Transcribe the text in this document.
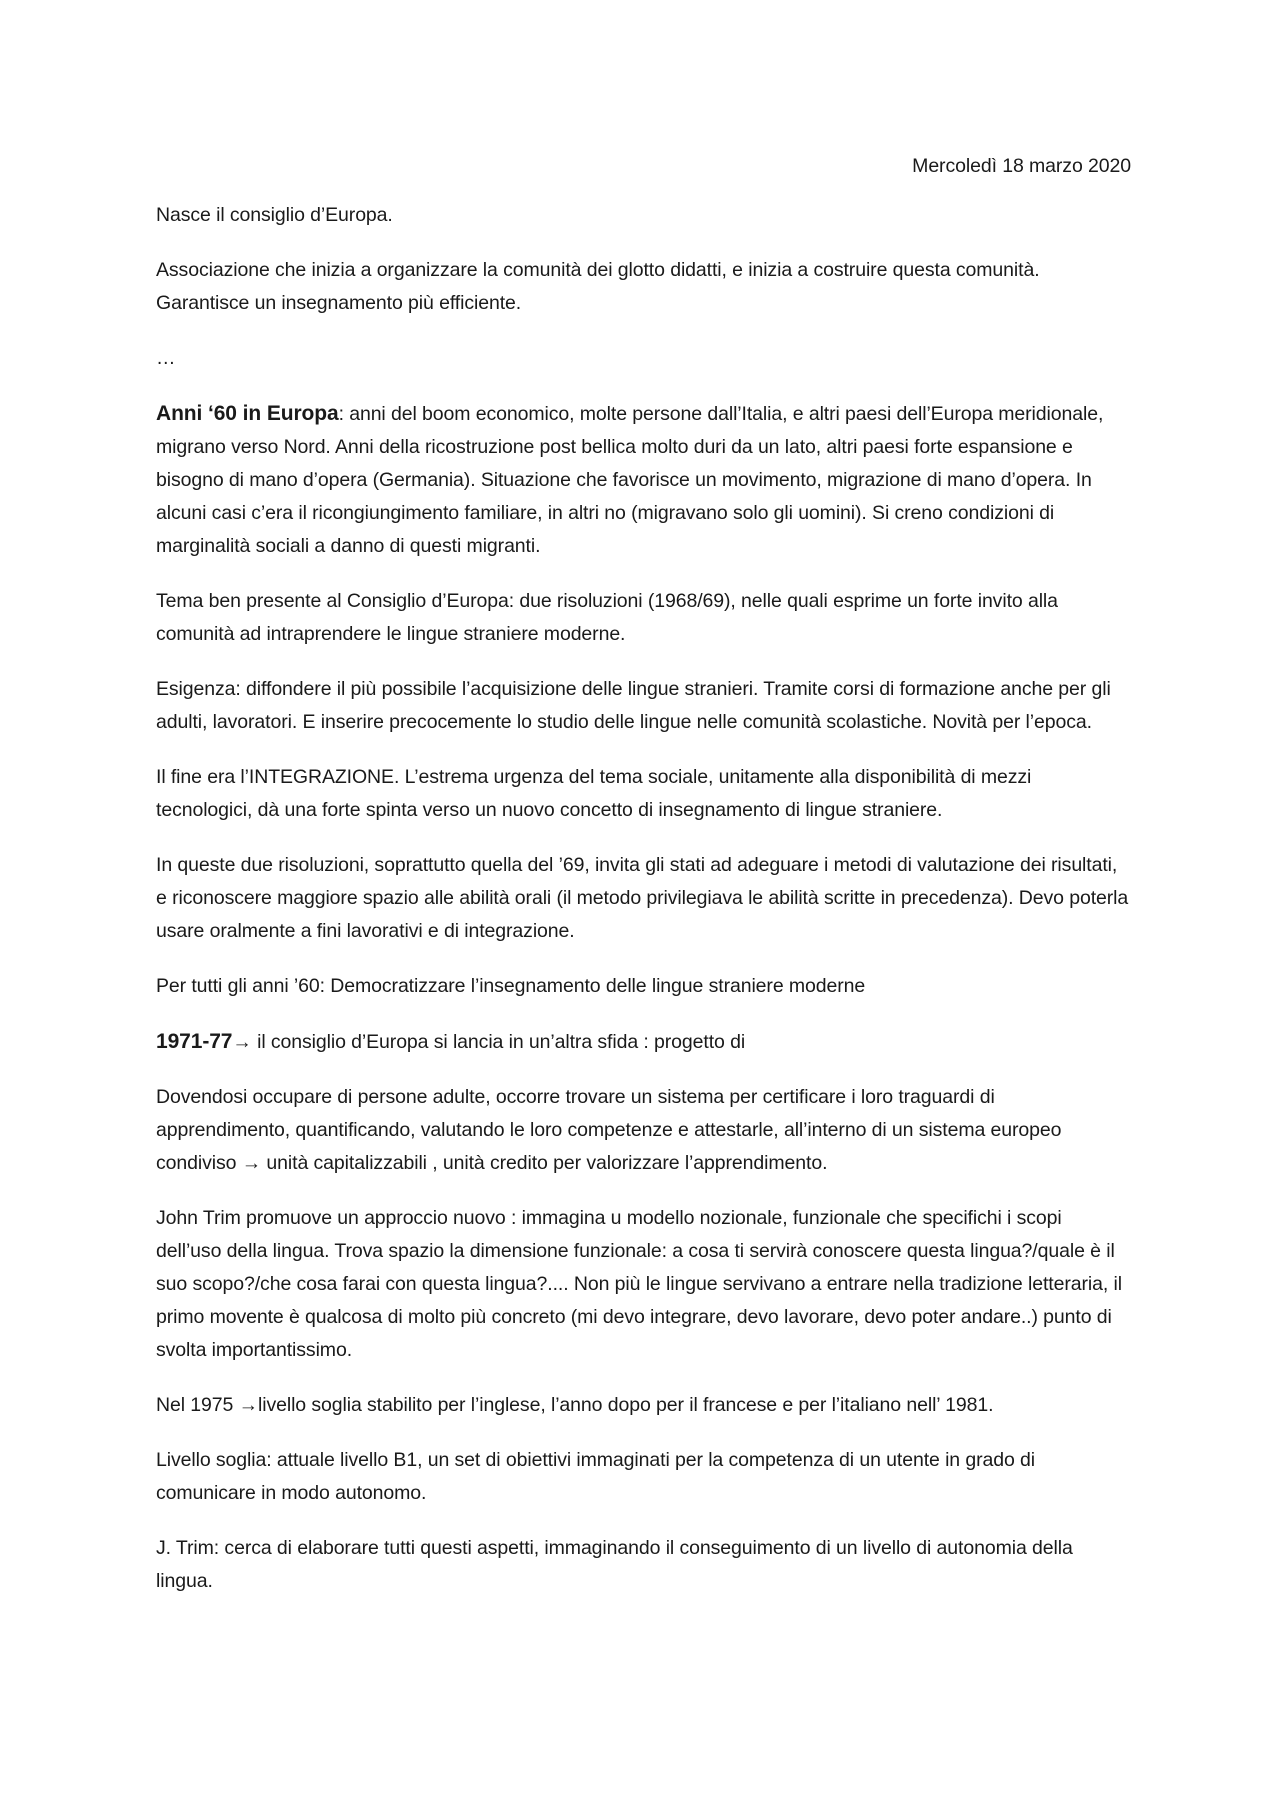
Mercoledì 18 marzo 2020

Nasce il consiglio d’Europa.

Associazione che inizia a organizzare la comunità dei glotto didatti, e inizia a costruire questa comunità. Garantisce un insegnamento più efficiente.

…

Anni ‘60 in Europa: anni del boom economico, molte persone dall’Italia, e altri paesi dell’Europa meridionale, migrano verso Nord. Anni della ricostruzione post bellica molto duri da un lato, altri paesi forte espansione e bisogno di mano d’opera (Germania). Situazione che favorisce un movimento, migrazione di mano d’opera. In alcuni casi c’era il ricongiungimento familiare, in altri no (migravano solo gli uomini). Si creno condizioni di marginalità sociali a danno di questi migranti.

Tema ben presente al Consiglio d’Europa: due risoluzioni (1968/69), nelle quali esprime un forte invito alla comunità ad intraprendere le lingue straniere moderne.

Esigenza: diffondere il più possibile l’acquisizione delle lingue stranieri. Tramite corsi di formazione anche per gli adulti, lavoratori. E inserire precocemente lo studio delle lingue nelle comunità scolastiche. Novità per l’epoca.

Il fine era l’INTEGRAZIONE. L’estrema urgenza del tema sociale, unitamente alla disponibilità di mezzi tecnologici, dà una forte spinta verso un nuovo concetto di insegnamento di lingue straniere.

In queste due risoluzioni, soprattutto quella del ’69, invita gli stati ad adeguare i metodi di valutazione dei risultati, e riconoscere maggiore spazio alle abilità orali (il metodo privilegiava le abilità scritte in precedenza). Devo poterla usare oralmente a fini lavorativi e di integrazione.

Per tutti gli anni ’60: Democratizzare l’insegnamento delle lingue straniere moderne

1971-77→ il consiglio d’Europa si lancia in un’altra sfida : progetto di

Dovendosi occupare di persone adulte, occorre trovare un sistema per certificare i loro traguardi di apprendimento, quantificando, valutando le loro competenze e attestarle, all’interno di un sistema europeo condiviso → unità capitalizzabili , unità credito per valorizzare l’apprendimento.

John Trim promuove un approccio nuovo : immagina u modello nozionale, funzionale che specifichi i scopi dell’uso della lingua. Trova spazio la dimensione funzionale: a cosa ti servirà conoscere questa lingua?/quale è il suo scopo?/che cosa farai con questa lingua?.... Non più le lingue servivano a entrare nella tradizione letteraria, il primo movente è qualcosa di molto più concreto (mi devo integrare, devo lavorare, devo poter andare..) punto di svolta importantissimo.

Nel 1975 →livello soglia stabilito per l’inglese, l’anno dopo per il francese e per l’italiano nell’ 1981.

Livello soglia: attuale livello B1, un set di obiettivi immaginati per la competenza di un utente in grado di comunicare in modo autonomo.

J. Trim: cerca di elaborare tutti questi aspetti, immaginando il conseguimento di un livello di autonomia della lingua.
